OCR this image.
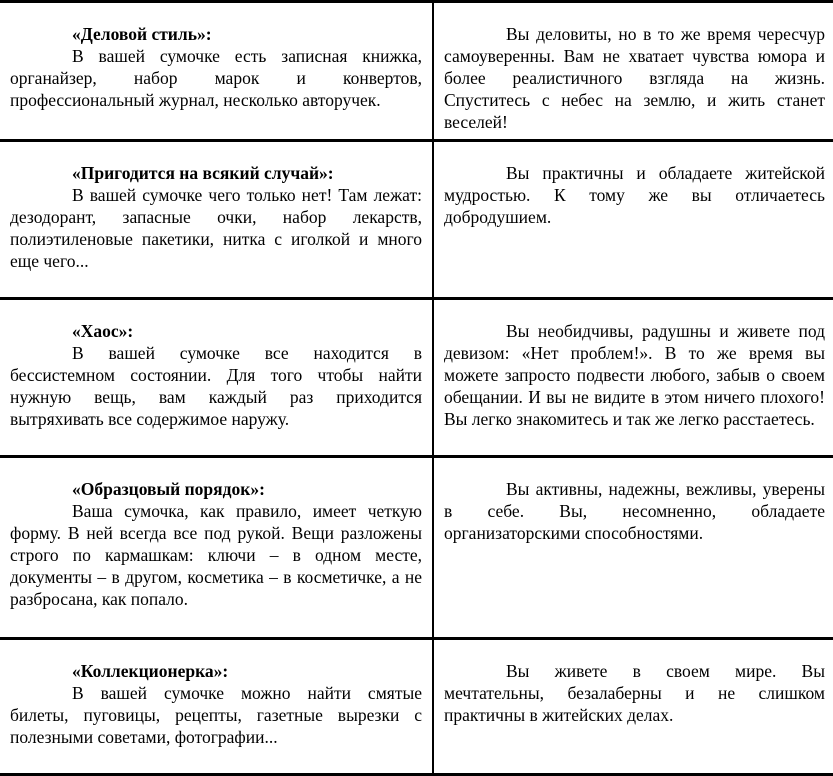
«Деловой стиль»:
В вашей сумочке есть записная книжка, органайзер, набор марок и конвертов, профессиональный журнал, несколько авторучек.	Вы деловиты, но в то же время чересчур самоуверенны. Вам не хватает чувства юмора и более реалистичного взгляда на жизнь. Спуститесь с небес на землю, и жить станет веселей!

«Пригодится на всякий случай»:
В вашей сумочке чего только нет! Там лежат: дезодорант, запасные очки, набор лекарств, полиэтиленовые пакетики, нитка с иголкой и много еще чего...	Вы практичны и обладаете житейской мудростью. К тому же вы отличаетесь добродушием.

«Хаос»:
В вашей сумочке все находится в бессистемном состоянии. Для того чтобы найти нужную вещь, вам каждый раз приходится вытряхивать все содержимое наружу.	Вы необидчивы, радушны и живете под девизом: «Нет проблем!». В то же время вы можете запросто подвести любого, забыв о своем обещании. И вы не видите в этом ничего плохого! Вы легко знакомитесь и так же легко расстаетесь.

«Образцовый порядок»:
Ваша сумочка, как правило, имеет четкую форму. В ней всегда все под рукой. Вещи разложены строго по кармашкам: ключи – в одном месте, документы – в другом, косметика – в косметичке, а не разбросана, как попало.	Вы активны, надежны, вежливы, уверены в себе. Вы, несомненно, обладаете организаторскими способностями.

«Коллекционерка»:
В вашей сумочке можно найти смятые билеты, пуговицы, рецепты, газетные вырезки с полезными советами, фотографии...	Вы живете в своем мире. Вы мечтательны, безалаберны и не слишком практичны в житейских делах.
